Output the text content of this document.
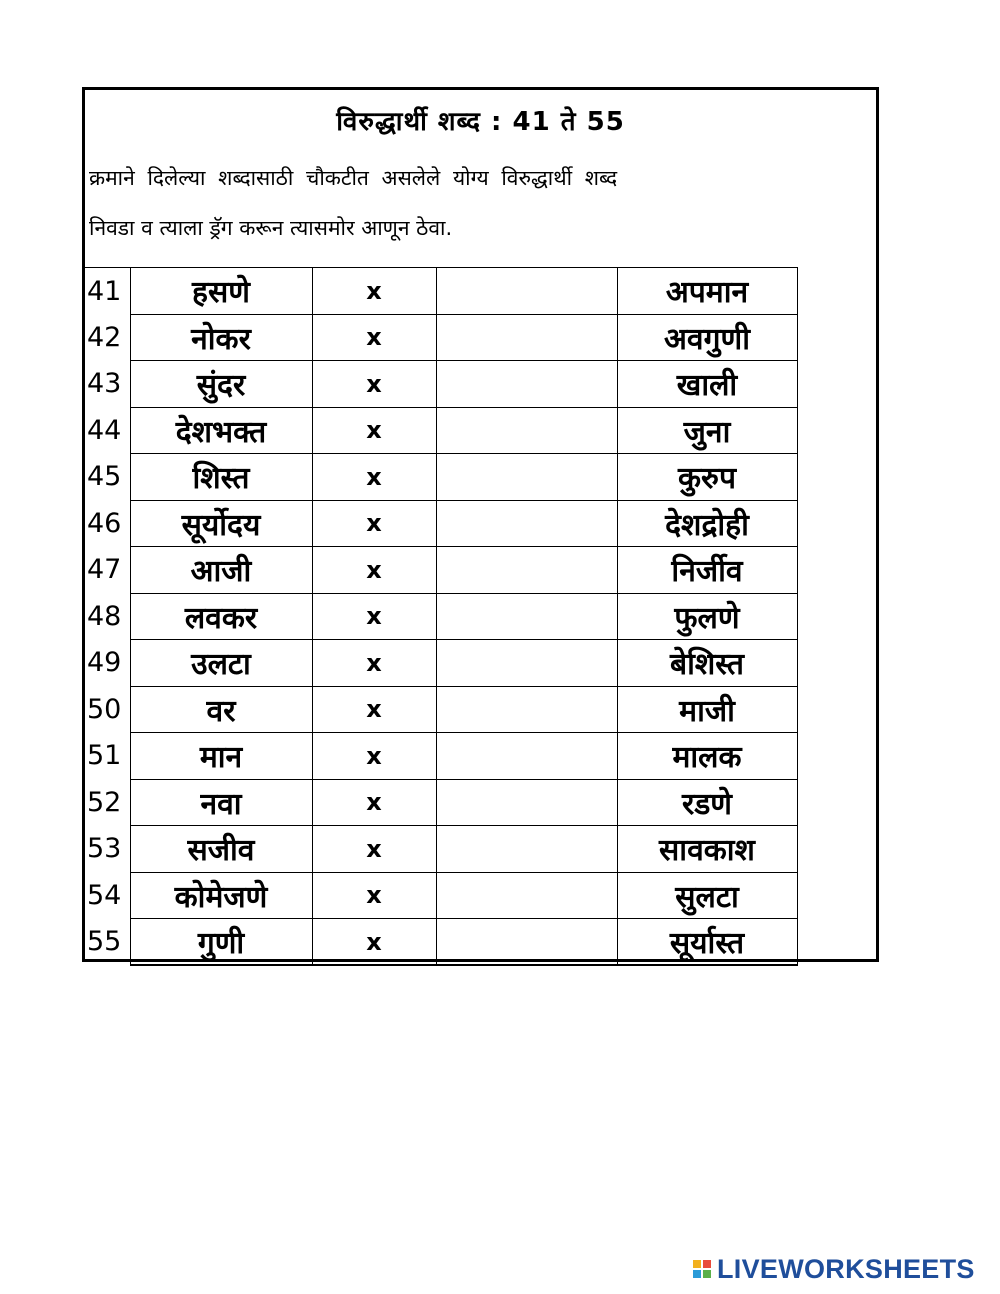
विरुद्धार्थी शब्द : 41 ते 55
क्रमाने दिलेल्या शब्दासाठी चौकटीत असलेले योग्य विरुद्धार्थी शब्द
निवडा व त्याला ड्रॅग करून त्यासमोर आणून ठेवा.
41	हसणे	x		अपमान
42	नोकर	x		अवगुणी
43	सुंदर	x		खाली
44	देशभक्त	x		जुना
45	शिस्त	x		कुरुप
46	सूर्योदय	x		देशद्रोही
47	आजी	x		निर्जीव
48	लवकर	x		फुलणे
49	उलटा	x		बेशिस्त
50	वर	x		माजी
51	मान	x		मालक
52	नवा	x		रडणे
53	सजीव	x		सावकाश
54	कोमेजणे	x		सुलटा
55	गुणी	x		सूर्यास्त
LIVEWORKSHEETS
